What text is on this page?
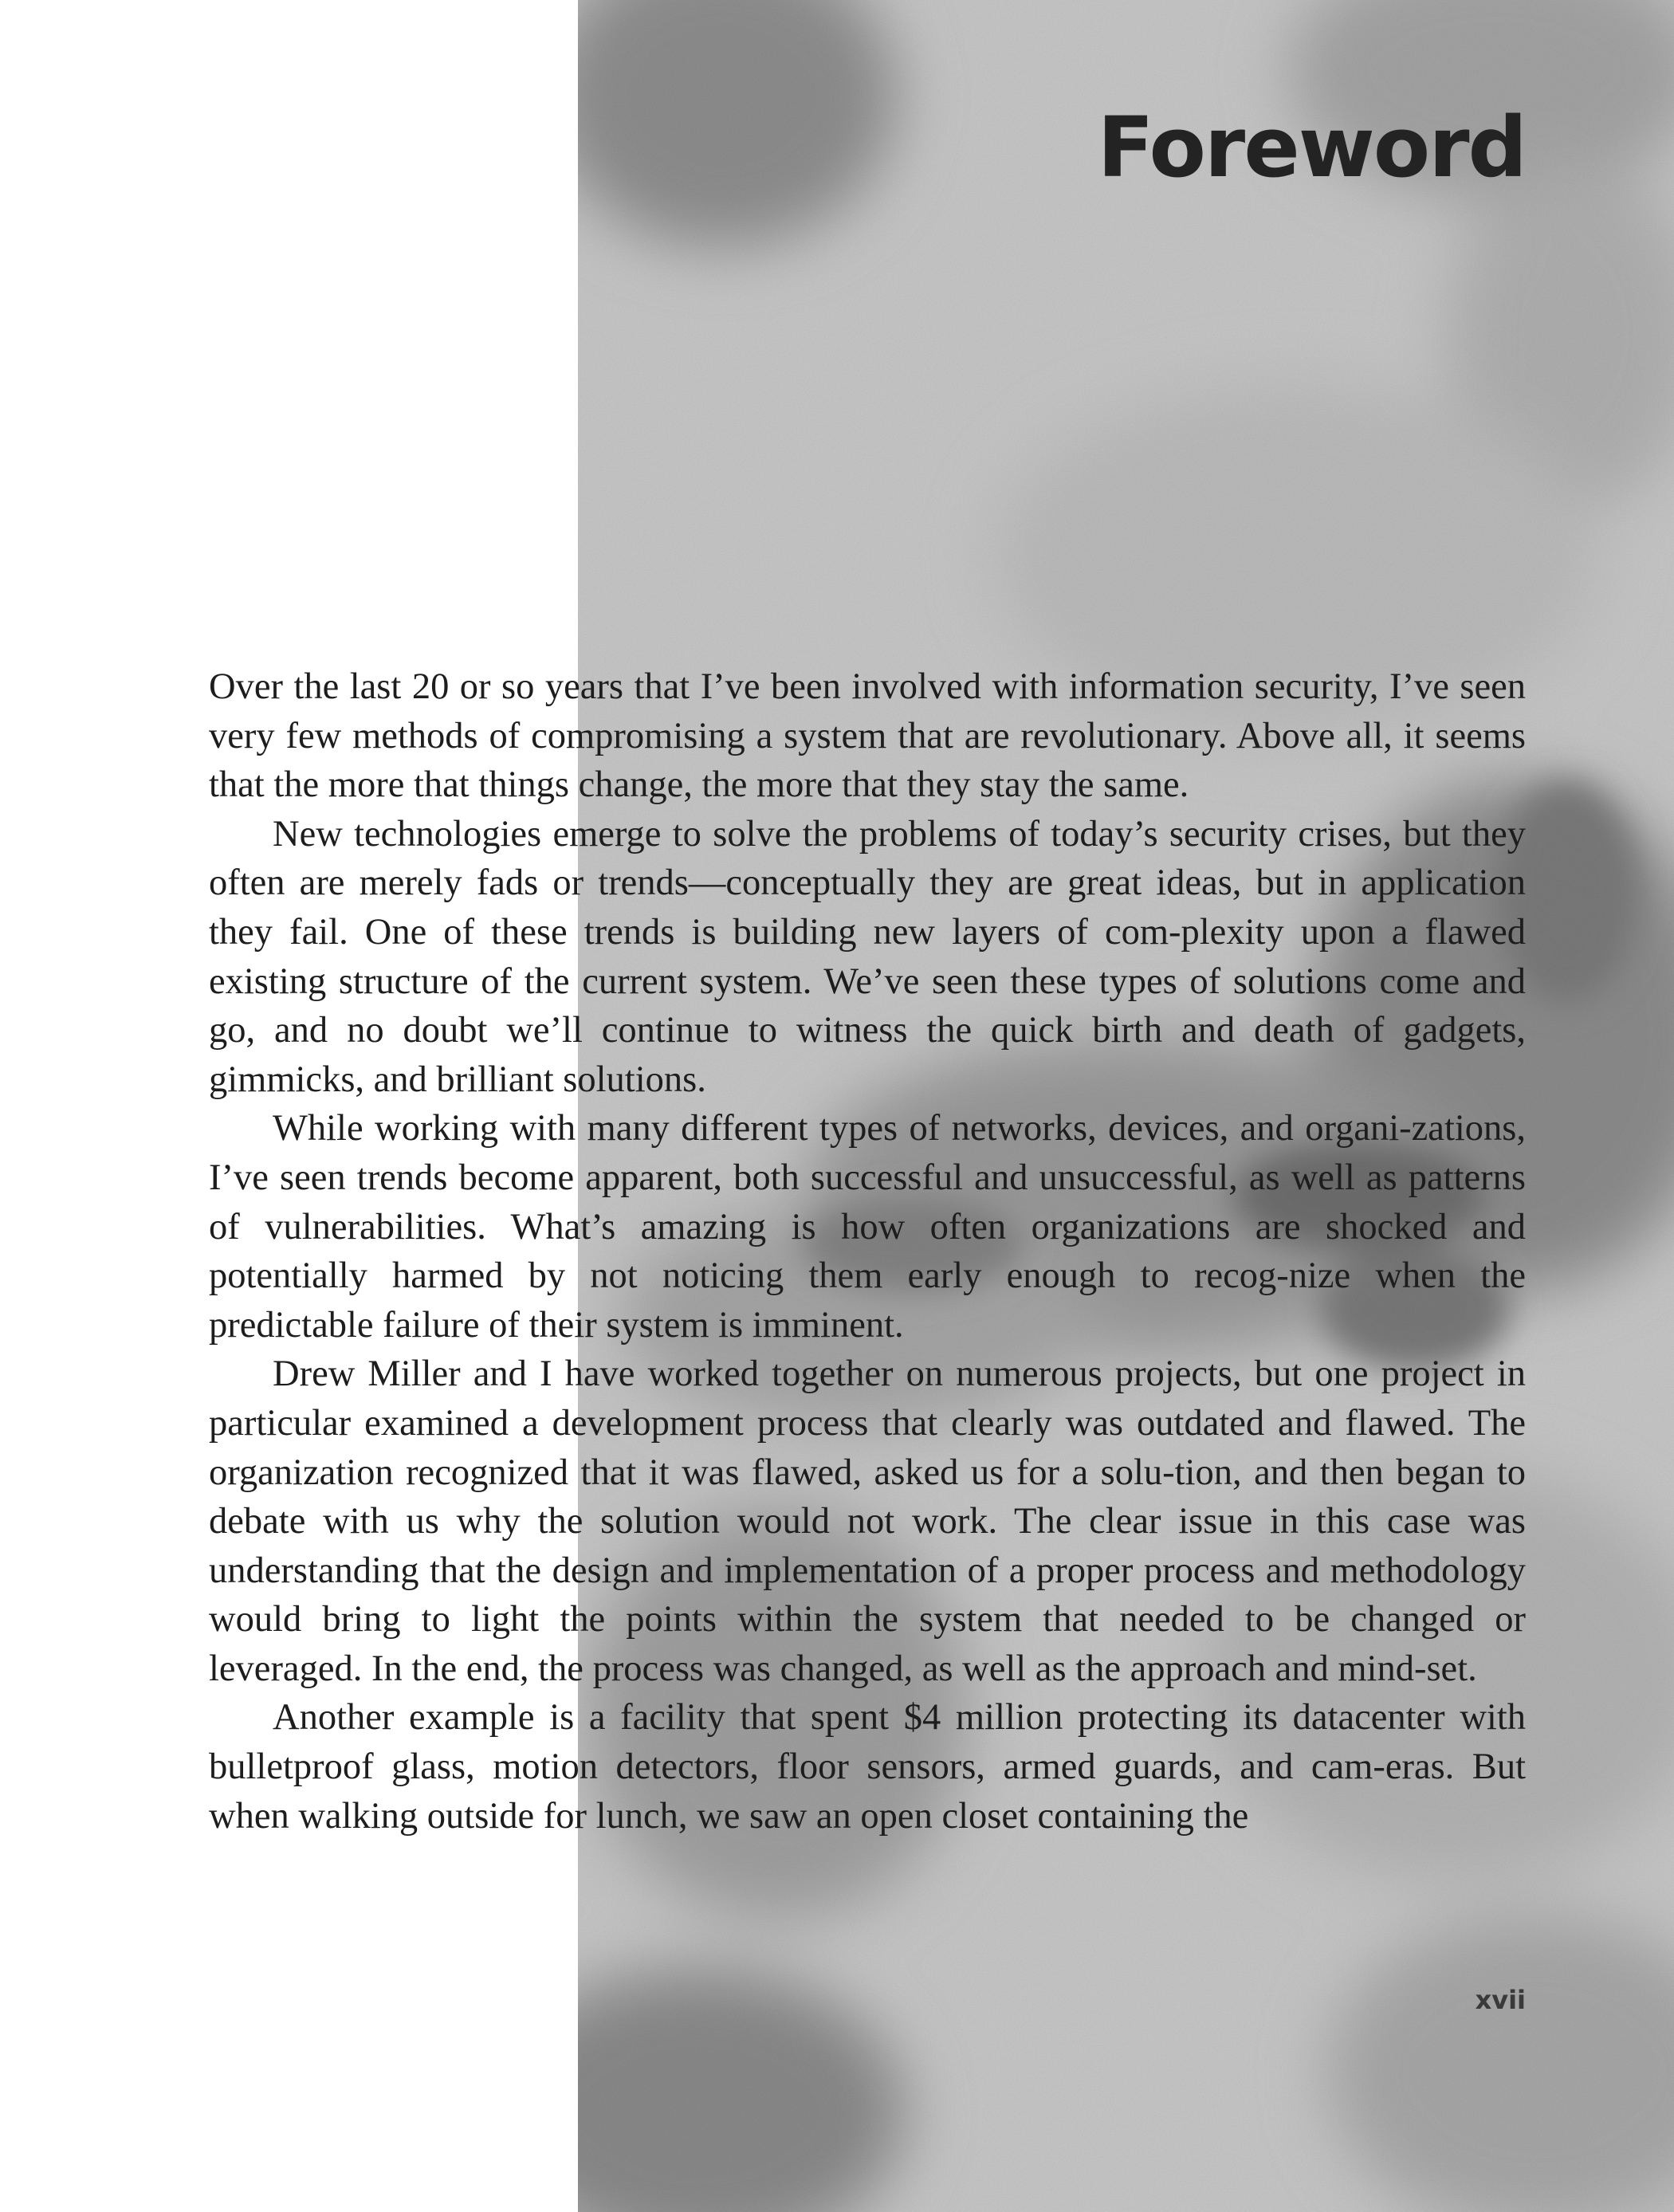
Foreword

Over the last 20 or so years that I’ve been involved with information security, I’ve seen very few methods of compromising a system that are revolutionary. Above all, it seems that the more that things change, the more that they stay the same.

New technologies emerge to solve the problems of today’s security crises, but they often are merely fads or trends—conceptually they are great ideas, but in application they fail. One of these trends is building new layers of com-plexity upon a flawed existing structure of the current system. We’ve seen these types of solutions come and go, and no doubt we’ll continue to witness the quick birth and death of gadgets, gimmicks, and brilliant solutions.

While working with many different types of networks, devices, and organi-zations, I’ve seen trends become apparent, both successful and unsuccessful, as well as patterns of vulnerabilities. What’s amazing is how often organizations are shocked and potentially harmed by not noticing them early enough to recog-nize when the predictable failure of their system is imminent.

Drew Miller and I have worked together on numerous projects, but one project in particular examined a development process that clearly was outdated and flawed. The organization recognized that it was flawed, asked us for a solu-tion, and then began to debate with us why the solution would not work. The clear issue in this case was understanding that the design and implementation of a proper process and methodology would bring to light the points within the system that needed to be changed or leveraged. In the end, the process was changed, as well as the approach and mind-set.

Another example is a facility that spent $4 million protecting its datacenter with bulletproof glass, motion detectors, floor sensors, armed guards, and cam-eras. But when walking outside for lunch, we saw an open closet containing the

xvii
